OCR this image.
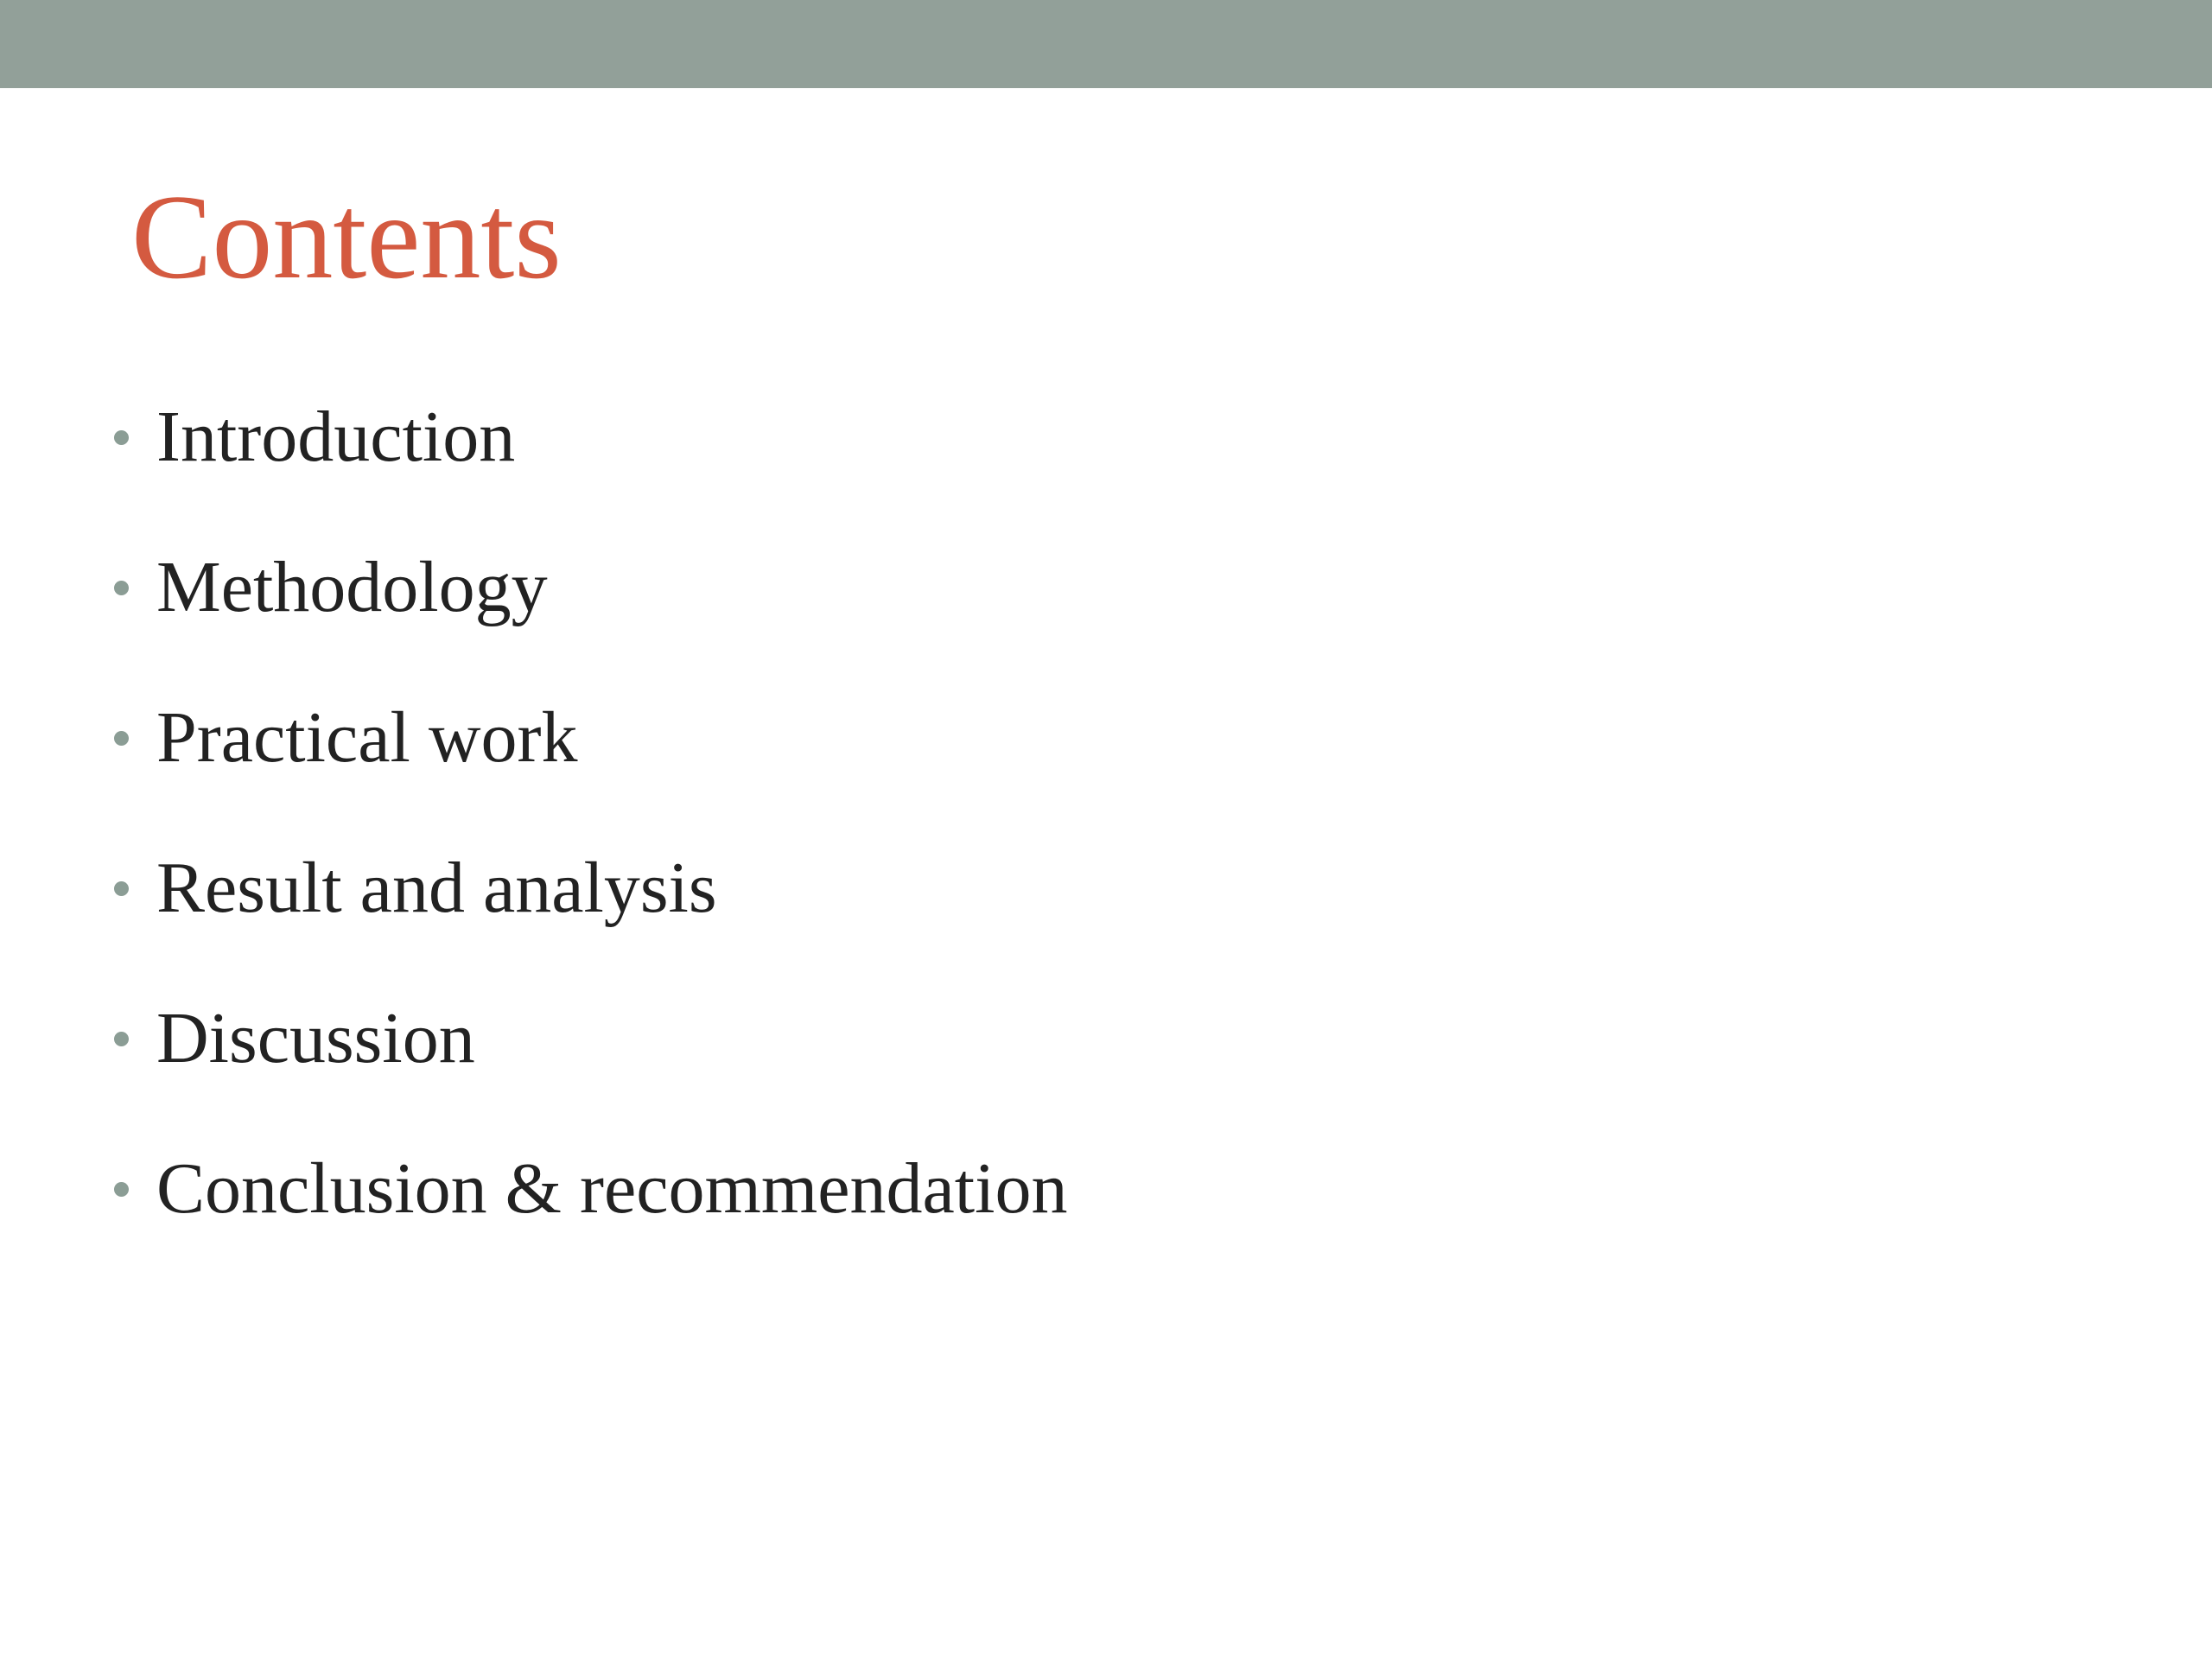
Contents
Introduction
Methodology
Practical work
Result and analysis
Discussion
Conclusion & recommendation
